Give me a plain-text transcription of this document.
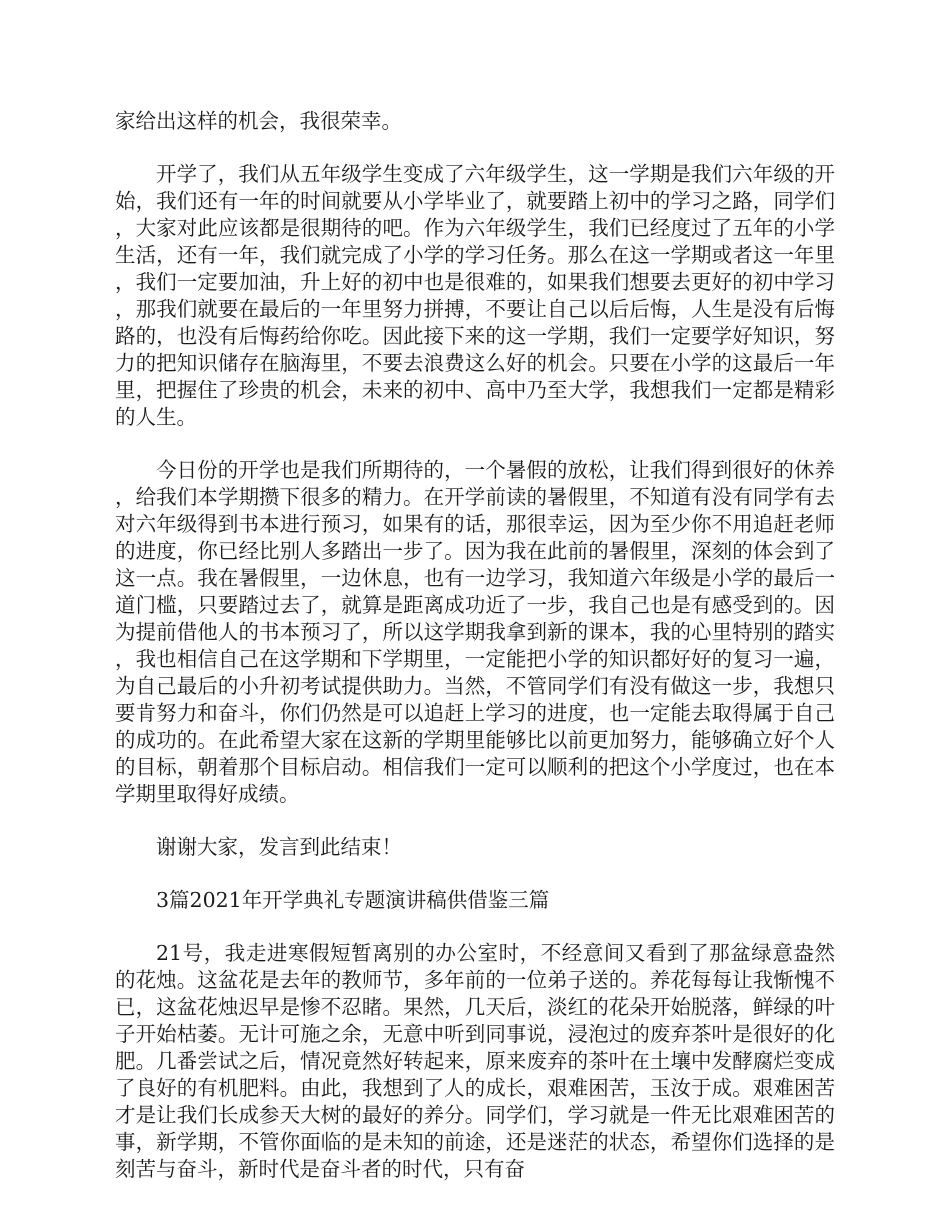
家给出这样的机会，我很荣幸。

开学了，我们从五年级学生变成了六年级学生，这一学期是我们六年级的开始，我们还有一年的时间就要从小学毕业了，就要踏上初中的学习之路，同学们，大家对此应该都是很期待的吧。作为六年级学生，我们已经度过了五年的小学生活，还有一年，我们就完成了小学的学习任务。那么在这一学期或者这一年里，我们一定要加油，升上好的初中也是很难的，如果我们想要去更好的初中学习，那我们就要在最后的一年里努力拼搏，不要让自己以后后悔，人生是没有后悔路的，也没有后悔药给你吃。因此接下来的这一学期，我们一定要学好知识，努力的把知识储存在脑海里，不要去浪费这么好的机会。只要在小学的这最后一年里，把握住了珍贵的机会，未来的初中、高中乃至大学，我想我们一定都是精彩的人生。

今日份的开学也是我们所期待的，一个暑假的放松，让我们得到很好的休养，给我们本学期攒下很多的精力。在开学前读的暑假里，不知道有没有同学有去对六年级得到书本进行预习，如果有的话，那很幸运，因为至少你不用追赶老师的进度，你已经比别人多踏出一步了。因为我在此前的暑假里，深刻的体会到了这一点。我在暑假里，一边休息，也有一边学习，我知道六年级是小学的最后一道门槛，只要踏过去了，就算是距离成功近了一步，我自己也是有感受到的。因为提前借他人的书本预习了，所以这学期我拿到新的课本，我的心里特别的踏实，我也相信自己在这学期和下学期里，一定能把小学的知识都好好的复习一遍，为自己最后的小升初考试提供助力。当然，不管同学们有没有做这一步，我想只要肯努力和奋斗，你们仍然是可以追赶上学习的进度，也一定能去取得属于自己的成功的。在此希望大家在这新的学期里能够比以前更加努力，能够确立好个人的目标，朝着那个目标启动。相信我们一定可以顺利的把这个小学度过，也在本学期里取得好成绩。

谢谢大家，发言到此结束！

3篇2021年开学典礼专题演讲稿供借鉴三篇

21号，我走进寒假短暂离别的办公室时，不经意间又看到了那盆绿意盎然的花烛。这盆花是去年的教师节，多年前的一位弟子送的。养花每每让我惭愧不已，这盆花烛迟早是惨不忍睹。果然，几天后，淡红的花朵开始脱落，鲜绿的叶子开始枯萎。无计可施之余，无意中听到同事说，浸泡过的废弃茶叶是很好的化肥。几番尝试之后，情况竟然好转起来，原来废弃的茶叶在土壤中发酵腐烂变成了良好的有机肥料。由此，我想到了人的成长，艰难困苦，玉汝于成。艰难困苦才是让我们长成参天大树的最好的养分。同学们，学习就是一件无比艰难困苦的事，新学期，不管你面临的是未知的前途，还是迷茫的状态，希望你们选择的是刻苦与奋斗，新时代是奋斗者的时代，只有奋
